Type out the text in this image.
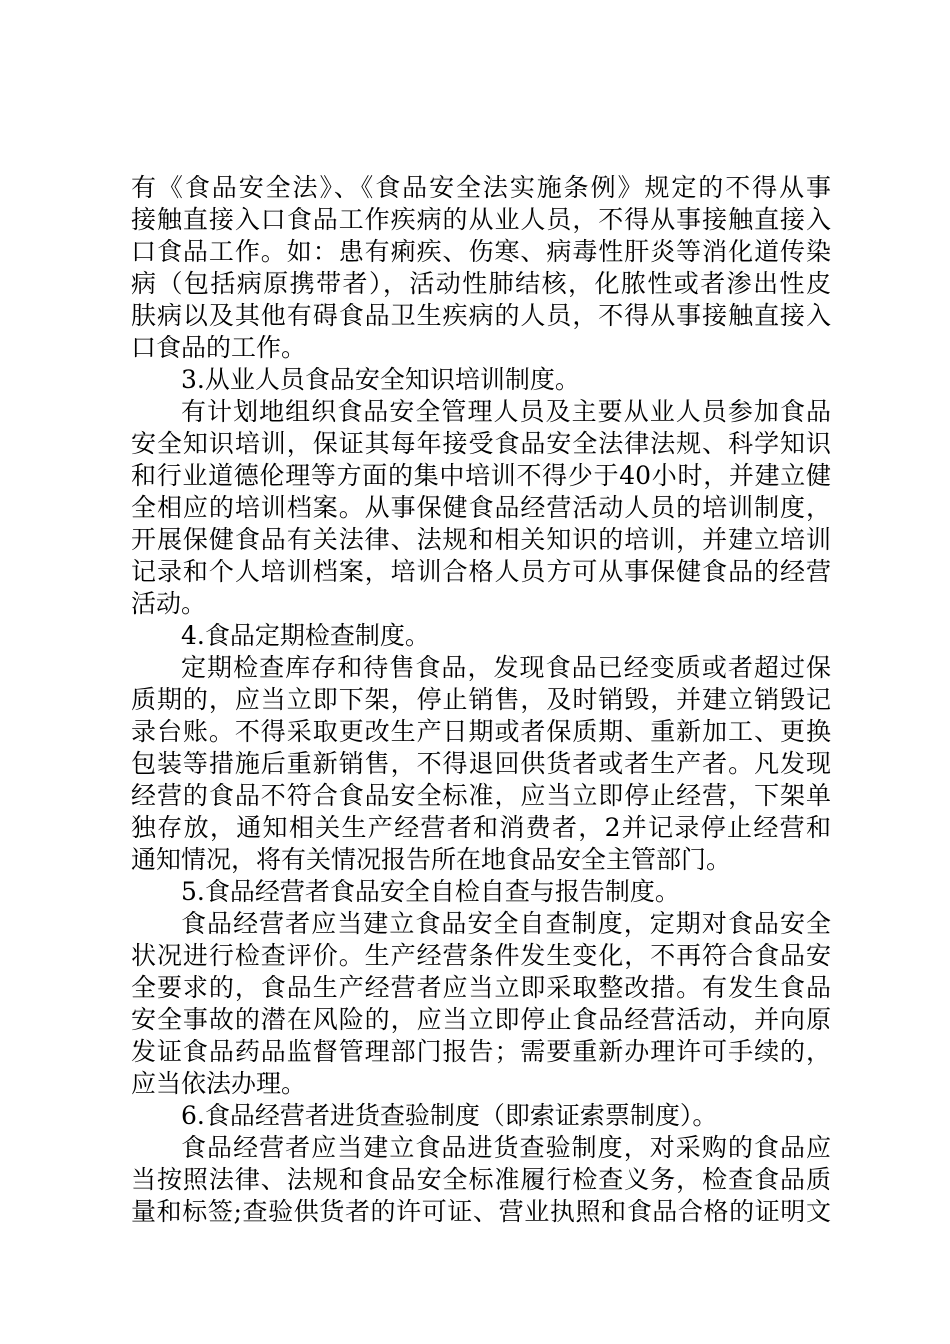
有《食品安全法》、《食品安全法实施条例》规定的不得从事
接触直接入口食品工作疾病的从业人员，不得从事接触直接入
口食品工作。如：患有痢疾、伤寒、病毒性肝炎等消化道传染
病（包括病原携带者），活动性肺结核，化脓性或者渗出性皮
肤病以及其他有碍食品卫生疾病的人员，不得从事接触直接入
口食品的工作。
3.从业人员食品安全知识培训制度。
有计划地组织食品安全管理人员及主要从业人员参加食品
安全知识培训，保证其每年接受食品安全法律法规、科学知识
和行业道德伦理等方面的集中培训不得少于40小时，并建立健
全相应的培训档案。从事保健食品经营活动人员的培训制度，
开展保健食品有关法律、法规和相关知识的培训，并建立培训
记录和个人培训档案，培训合格人员方可从事保健食品的经营
活动。
4.食品定期检查制度。
定期检查库存和待售食品，发现食品已经变质或者超过保
质期的，应当立即下架，停止销售，及时销毁，并建立销毁记
录台账。不得采取更改生产日期或者保质期、重新加工、更换
包装等措施后重新销售，不得退回供货者或者生产者。凡发现
经营的食品不符合食品安全标准，应当立即停止经营，下架单
独存放，通知相关生产经营者和消费者，2并记录停止经营和
通知情况，将有关情况报告所在地食品安全主管部门。
5.食品经营者食品安全自检自查与报告制度。
食品经营者应当建立食品安全自查制度，定期对食品安全
状况进行检查评价。生产经营条件发生变化，不再符合食品安
全要求的，食品生产经营者应当立即采取整改措。有发生食品
安全事故的潜在风险的，应当立即停止食品经营活动，并向原
发证食品药品监督管理部门报告；需要重新办理许可手续的，
应当依法办理。
6.食品经营者进货查验制度（即索证索票制度）。
食品经营者应当建立食品进货查验制度，对采购的食品应
当按照法律、法规和食品安全标准履行检查义务，检查食品质
量和标签;查验供货者的许可证、营业执照和食品合格的证明文
